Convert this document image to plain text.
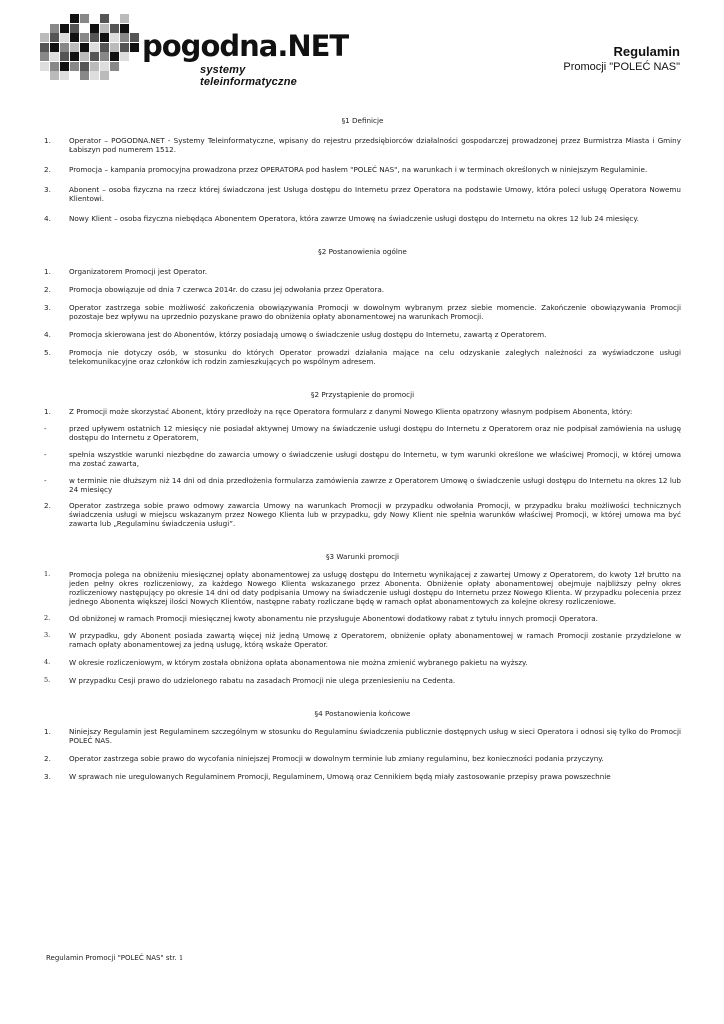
pogodna.NET
systemy teleinformatyczne
Regulamin
Promocji "POLEĆ NAS"
§1 Definicje
1.	Operator – POGODNA.NET - Systemy Teleinformatyczne, wpisany do rejestru przedsiębiorców działalności gospodarczej prowadzonej przez Burmistrza Miasta i Gminy Łabiszyn pod numerem 1512.
2.	Promocja – kampania promocyjna prowadzona przez OPERATORA pod hasłem "POLEĆ NAS", na warunkach i w terminach określonych w niniejszym Regulaminie.
3.	Abonent – osoba fizyczna na rzecz której świadczona jest Usługa dostępu do Internetu przez Operatora na podstawie Umowy, która poleci usługę Operatora Nowemu Klientowi.
4.	Nowy Klient – osoba fizyczna niebędąca Abonentem Operatora, która zawrze Umowę na świadczenie usługi dostępu do Internetu na okres 12 lub 24 miesięcy.
§2 Postanowienia ogólne
1.	Organizatorem Promocji jest Operator.
2.	Promocja obowiązuje od dnia 7 czerwca 2014r. do czasu jej odwołania przez Operatora.
3.	Operator zastrzega sobie możliwość zakończenia obowiązywania Promocji w dowolnym wybranym przez siebie momencie. Zakończenie obowiązywania Promocji pozostaje bez wpływu na uprzednio pozyskane prawo do obniżenia opłaty abonamentowej na warunkach Promocji.
4.	Promocja skierowana jest do Abonentów, którzy posiadają umowę o świadczenie usług dostępu do Internetu, zawartą z Operatorem.
5.	Promocja nie dotyczy osób, w stosunku do których Operator prowadzi działania mające na celu odzyskanie zaległych należności za wyświadczone usługi telekomunikacyjne oraz członków ich rodzin zamieszkujących po wspólnym adresem.
§2 Przystąpienie do promocji
1.	Z Promocji może skorzystać Abonent, który przedłoży na ręce Operatora formularz z danymi Nowego Klienta opatrzony własnym podpisem Abonenta, który:
-	przed upływem ostatnich 12 miesięcy nie posiadał aktywnej Umowy na świadczenie usługi dostępu do Internetu z Operatorem oraz nie podpisał zamówienia na usługę dostępu do Internetu z Operatorem,
-	spełnia wszystkie warunki niezbędne do zawarcia umowy o świadczenie usługi dostępu do Internetu, w tym warunki określone we właściwej Promocji, w której umowa ma zostać zawarta,
-	w terminie nie dłuższym niż 14 dni od dnia przedłożenia formularza zamówienia zawrze z Operatorem Umowę o świadczenie usługi dostępu do Internetu na okres 12 lub 24 miesięcy
2.	Operator zastrzega sobie prawo odmowy zawarcia Umowy na warunkach Promocji w przypadku odwołania Promocji, w przypadku braku możliwości technicznych świadczenia usługi w miejscu wskazanym przez Nowego Klienta lub w przypadku, gdy Nowy Klient nie spełnia warunków właściwej Promocji, w której umowa ma być zawarta lub „Regulaminu świadczenia usługi”.
§3 Warunki promocji
1.	Promocja polega na obniżeniu miesięcznej opłaty abonamentowej za usługę dostępu do Internetu wynikającej z zawartej Umowy z Operatorem, do kwoty 1zł brutto na jeden pełny okres rozliczeniowy, za każdego Nowego Klienta wskazanego przez Abonenta. Obniżenie opłaty abonamentowej obejmuje najbliższy pełny okres rozliczeniowy następujący po okresie 14 dni od daty podpisania Umowy na świadczenie usługi dostępu do Internetu przez Nowego Klienta. W przypadku polecenia przez jednego Abonenta większej ilości Nowych Klientów, następne rabaty rozliczane będę w ramach opłat abonamentowych za kolejne okresy rozliczeniowe.
2.	Od obniżonej w ramach Promocji miesięcznej kwoty abonamentu nie przysługuje Abonentowi dodatkowy rabat z tytułu innych promocji Operatora.
3.	W przypadku, gdy Abonent posiada zawartą więcej niż jedną Umowę z Operatorem, obniżenie opłaty abonamentowej w ramach Promocji zostanie przydzielone w ramach opłaty abonamentowej za jedną usługę, którą wskaże Operator.
4.	W okresie rozliczeniowym, w którym została obniżona opłata abonamentowa nie można zmienić wybranego pakietu na wyższy.
5.	W przypadku Cesji prawo do udzielonego rabatu na zasadach Promocji nie ulega przeniesieniu na Cedenta.
§4 Postanowienia końcowe
1.	Niniejszy Regulamin jest Regulaminem szczególnym w stosunku do Regulaminu świadczenia publicznie dostępnych usług w sieci Operatora i odnosi się tylko do Promocji POLEĆ NAS.
2.	Operator zastrzega sobie prawo do wycofania niniejszej Promocji w dowolnym terminie lub zmiany regulaminu, bez konieczności podania przyczyny.
3.	W sprawach nie uregulowanych Regulaminem Promocji, Regulaminem, Umową oraz Cennikiem będą miały zastosowanie przepisy prawa powszechnie
Regulamin Promocji "POLEĆ NAS" str. 1
